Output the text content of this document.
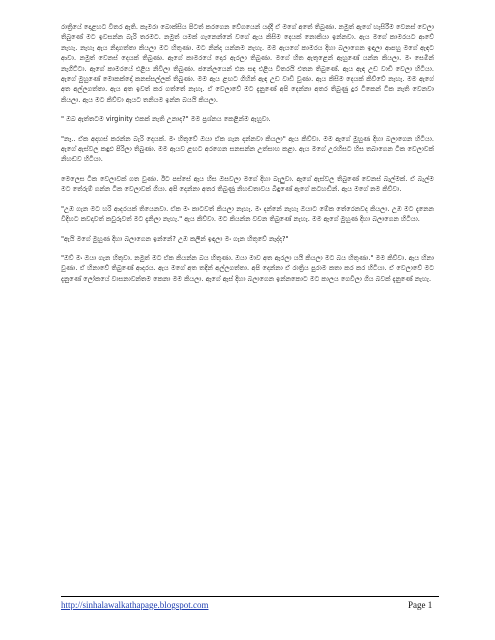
රාත්‍රියේ දොළහට විතර ඇති. කැමරා බොක්සිය පිටත් කරගෙන වේගයෙන් යද්දී ඒ මගේ අතේ තිබුණා. නමුත් ඇගේ හැසිරීම වෙනස් වෙලා තිබුණේ මට ඉවසන්න බැරි තරමට. නමුත් යමක් ගැනෙන්නේ වගේ ඇය කිසිම දෙයක් නොකියා ඉන්නවා. ඇය මගේ කාමරයට ආවේ නැහැ. නැහැ ඇය නිදාගත්තා කියලා මට හිතුණා. මට නින්ද යන්නම නැහැ. මම ඇයගේ කාමරය දිහා බලාගෙන ඉඳලා ආපහු මගේ ඇඳට ආවා. නමුත් වෙනස් දෙයක් තිබුණා. ඇගේ කාමරයේ දොර ඇරලා තිබුණා. මගේ හිත ඇතුළෙන් ඇහුණේ යන්න කියලා. මං සෙමින් නැගිට්ටා. ඇගේ කාමරයේ එළිය නිවිලා තිබුණා. ජනේලයෙන් එන සඳ එළිය විතරයි එතන තිබුණේ. ඇය ඇඳ උඩ වාඩි වෙලා හිටියා. ඇගේ මුහුණේ මොකක්දෝ කනස්සල්ලක් තිබුණා. මම ඇය ළඟට ගිහින් ඇඳ උඩ වාඩි වුණා. ඇය කිසිම දෙයක් කිව්වේ නැහැ. මම ඇගේ අත අල්ලගත්තා. ඇය අත ඉවත් කර ගත්තේ නැහැ. ඒ වෙලාවේ මට දැනුණේ අපි දෙන්නා අතර තිබුණු දුර ටිකෙන් ටික නැති වෙනවා කියලා. ඇය මට කිව්වා ඇයට තනියම ඉන්න බයයි කියලා.

" ඔබ ඇත්තටම virginity එකක් නැති උනාද?" මම ප්‍රශ්නය කෙළින්ම ඇහුවා.

"නෑ.. ඒක අදහස් කරන්න බැරි දෙයක්. මං හිතුවේ ඔයා ඒක ගැන දන්නවා කියලා" ඇය කිව්වා. මම ඇගේ මුහුණ දිහා බලාගෙන හිටියා. ඇගේ ඇස්වල කඳුළු පිරිලා තිබුණා. මම ඇයව ළඟට අරගෙන සනසන්න උත්සාහ කළා. ඇය මගේ උරහිසට හිස තබාගෙන ටික වෙලාවක් නිහඬව හිටියා.

මෙලෙස ටික වෙලාවක් ගත වුණා. ඊට පස්සේ ඇය හිස ඔසවලා මගේ දිහා බැලුවා. ඇගේ ඇස්වල තිබුණේ වෙනස් බැල්මක්. ඒ බැල්ම මට තේරුම් ගන්න ටික වෙලාවක් ගියා. අපි දෙන්නා අතර තිබුණු නිහඬතාවය බිඳුණේ ඇගේ කටහඬින්. ඇය මගේ නම කිව්වා.

"උඹ ගැන මට හරි ආදරයක් තියෙනවා. ඒක මං කාටවත් කියලා නැහැ. මං දන්නේ නැහැ ඔයාට මේක තේරෙනවද කියලා. උඹ මට දැනෙන විදිහට කවදාවත් කවුරුවත් මට දැනිලා නැහැ." ඇය කිව්වා. මට කියන්න වචන තිබුණේ නැහැ. මම ඇගේ මුහුණ දිහා බලාගෙන හිටියා.

"ඇයි මගේ මුහුණ දිහා බලාගෙන ඉන්නේ? උඹ කලින් ඉඳලා මං ගැන හිතුවේ නැද්ද?"

"ඔව් මං ඔයා ගැන හිතුවා. නමුත් මට ඒක කියන්න බය හිතුණා. ඔයා මාව අත ඇරලා යයි කියලා මට බය හිතුණා." මම කිව්වා. ඇය හිනා වුණා. ඒ හිනාවේ තිබුණේ ආදරය. ඇය මගේ අත තදින් අල්ලගත්තා. අපි දෙන්නා ඒ රාත්‍රිය පුරාම කතා කර කර හිටියා. ඒ වෙලාවේ මට දැනුණේ ලෝකයේ වාසනාවන්තම කෙනා මම කියලා. ඇගේ ඇස් දිහා බලාගෙන ඉන්නකොට මට කාලය ගෙවිලා ගිය බවක් දැනුණේ නැහැ.

http://sinhalawalkathapage.blogspot.com	Page 1
